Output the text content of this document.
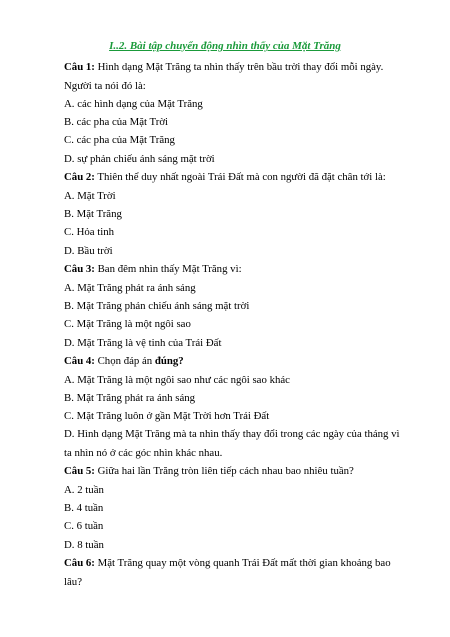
I..2. Bài tập chuyển động nhìn thấy của Mặt Trăng
Câu 1: Hình dạng Mặt Trăng ta nhìn thấy trên bầu trời thay đổi mỗi ngày.
Người ta nói đó là:
A. các hình dạng của Mặt Trăng
B. các pha của Mặt Trời
C. các pha của Mặt Trăng
D. sự phản chiếu ánh sáng mặt trời
Câu 2: Thiên thể duy nhất ngoài Trái Đất mà con người đã đặt chân tới là:
A. Mặt Trời
B. Mặt Trăng
C. Hỏa tinh
D. Bầu trời
Câu 3: Ban đêm nhìn thấy Mặt Trăng vì:
A. Mặt Trăng phát ra ánh sáng
B. Mặt Trăng phản chiếu ánh sáng mặt trời
C. Mặt Trăng là một ngôi sao
D. Mặt Trăng là vệ tinh của Trái Đất
Câu 4: Chọn đáp án đúng?
A. Mặt Trăng là một ngôi sao như các ngôi sao khác
B. Mặt Trăng phát ra ánh sáng
C. Mặt Trăng luôn ở gần Mặt Trời hơn Trái Đất
D. Hình dạng Mặt Trăng mà ta nhìn thấy thay đổi trong các ngày của tháng vì
ta nhìn nó ở các góc nhìn khác nhau.
Câu 5: Giữa hai lần Trăng tròn liên tiếp cách nhau bao nhiêu tuần?
A. 2 tuần
B. 4 tuần
C. 6 tuần
D. 8 tuần
Câu 6: Mặt Trăng quay một vòng quanh Trái Đất mất thời gian khoảng bao
lâu?
